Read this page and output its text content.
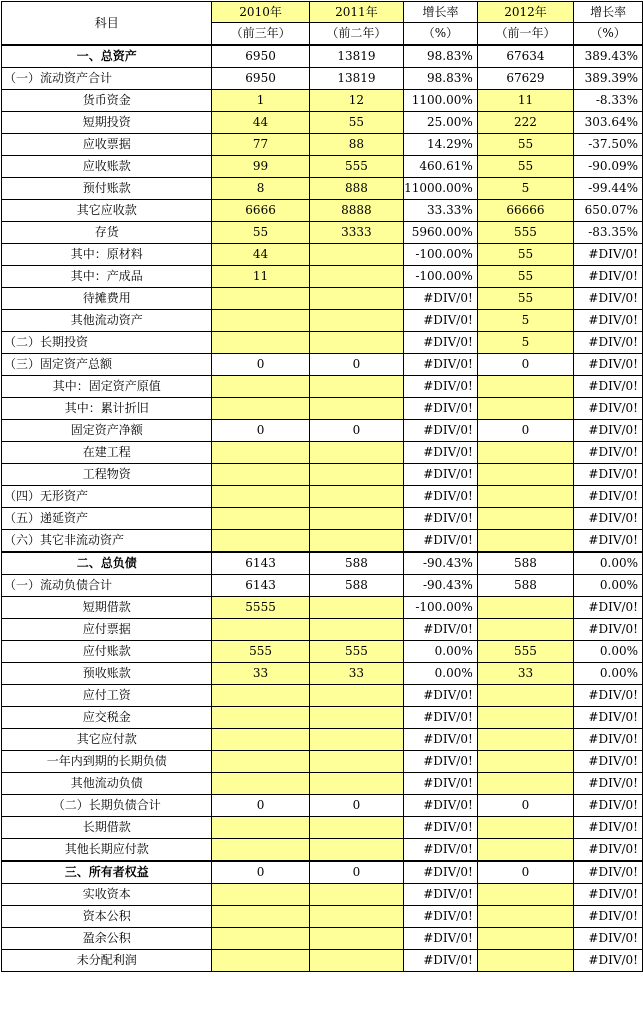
科目	2010年	2011年	增长率	2012年	增长率
	（前三年）	（前二年）	（%）	（前一年）	（%）
一、总资产	6950	13819	98.83%	67634	389.43%
（一）流动资产合计	6950	13819	98.83%	67629	389.39%
货币资金	1	12	1100.00%	11	-8.33%
短期投资	44	55	25.00%	222	303.64%
应收票据	77	88	14.29%	55	-37.50%
应收账款	99	555	460.61%	55	-90.09%
预付账款	8	888	11000.00%	5	-99.44%
其它应收款	6666	8888	33.33%	66666	650.07%
存货	55	3333	5960.00%	555	-83.35%
其中：原材料	44		-100.00%	55	#DIV/0!
其中：产成品	11		-100.00%	55	#DIV/0!
待摊费用			#DIV/0!	55	#DIV/0!
其他流动资产			#DIV/0!	5	#DIV/0!
（二）长期投资			#DIV/0!	5	#DIV/0!
（三）固定资产总额	0	0	#DIV/0!	0	#DIV/0!
其中：固定资产原值			#DIV/0!		#DIV/0!
其中：累计折旧			#DIV/0!		#DIV/0!
固定资产净额	0	0	#DIV/0!	0	#DIV/0!
在建工程			#DIV/0!		#DIV/0!
工程物资			#DIV/0!		#DIV/0!
（四）无形资产			#DIV/0!		#DIV/0!
（五）递延资产			#DIV/0!		#DIV/0!
（六）其它非流动资产			#DIV/0!		#DIV/0!
二、总负债	6143	588	-90.43%	588	0.00%
（一）流动负债合计	6143	588	-90.43%	588	0.00%
短期借款	5555		-100.00%		#DIV/0!
应付票据			#DIV/0!		#DIV/0!
应付账款	555	555	0.00%	555	0.00%
预收账款	33	33	0.00%	33	0.00%
应付工资			#DIV/0!		#DIV/0!
应交税金			#DIV/0!		#DIV/0!
其它应付款			#DIV/0!		#DIV/0!
一年内到期的长期负债			#DIV/0!		#DIV/0!
其他流动负债			#DIV/0!		#DIV/0!
（二）长期负债合计	0	0	#DIV/0!	0	#DIV/0!
长期借款			#DIV/0!		#DIV/0!
其他长期应付款			#DIV/0!		#DIV/0!
三、所有者权益	0	0	#DIV/0!	0	#DIV/0!
实收资本			#DIV/0!		#DIV/0!
资本公积			#DIV/0!		#DIV/0!
盈余公积			#DIV/0!		#DIV/0!
未分配利润			#DIV/0!		#DIV/0!
